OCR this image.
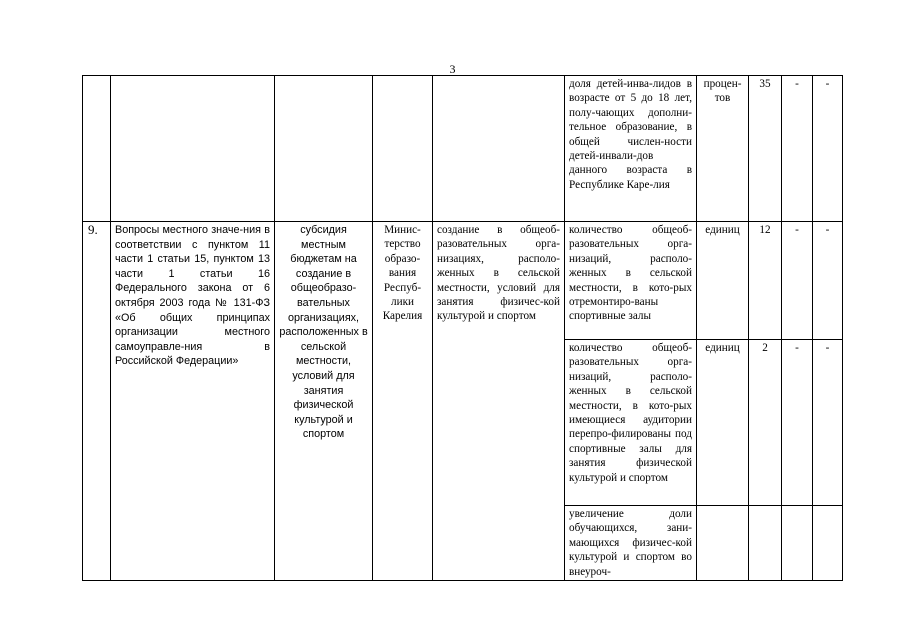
3
					доля детей-инва-лидов в возрасте от 5 до 18 лет, полу-чающих дополни-тельное образование, в общей числен-ности детей-инвали-дов данного возраста в Республике Каре-лия	процен-тов	35	-	-
9.	Вопросы местного значе-ния в соответствии с пунктом 11 части 1 статьи 15, пунктом 13 части 1 статьи 16 Федерального закона от 6 октября 2003 года № 131-ФЗ «Об общих принципах организации местного самоуправле-ния в Российской Федерации»	субсидия местным бюджетам на создание в общеобразо-вательных организациях, расположенных в сельской местности, условий для занятия физической культурой и спортом	Минис-терство образо-вания Респуб-лики Карелия	создание в общеоб-разовательных орга-низациях, располо-женных в сельской местности, условий для занятия физичес-кой культурой и спортом	количество общеоб-разовательных орга-низаций, располо-женных в сельской местности, в кото-рых отремонтиро-ваны спортивные залы	единиц	12	-	-
					количество общеоб-разовательных орга-низаций, располо-женных в сельской местности, в кото-рых имеющиеся аудитории перепро-филированы под спортивные залы для занятия физической культурой и спортом	единиц	2	-	-
					увеличение доли обучающихся, зани-мающихся физичес-кой культурой и спортом во внеуроч-				
